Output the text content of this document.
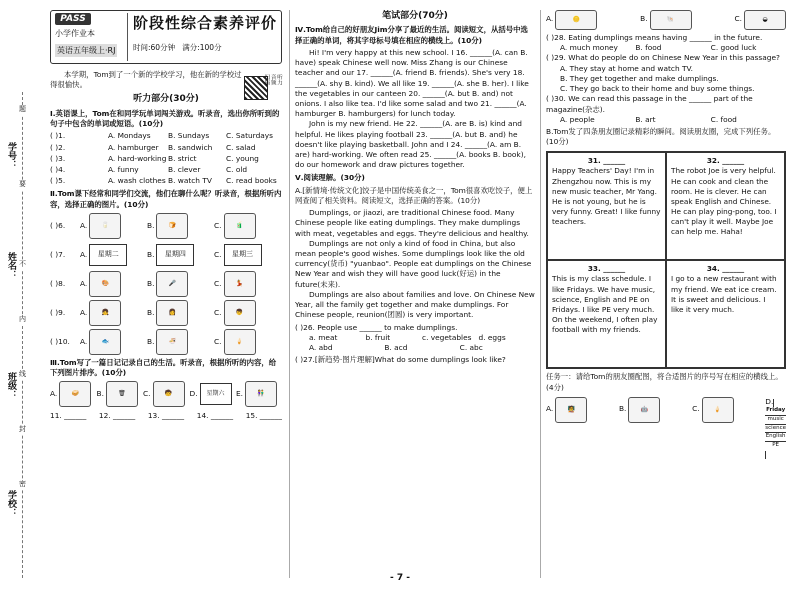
学号：
姓名：
班级：
学校：
题
要
不
内
线
封
密
PASS
小学作业本
英语五年级上·RJ
阶段性综合素养评价
时间:60分钟 满分:100分

本学期，Tom到了一个新的学校学习，他在新的学校过得很愉快。	听力音频扫码
听力部分(30分)

Ⅰ.英语课上，Tom在和同学玩单词闯关游戏。听录音，选出你所听到的句子中包含的单词或短语。(10分)

( )1.	A. Mondays	B. Sundays	C. Saturdays
( )2.	A. hamburger	B. sandwich	C. salad
( )3.	A. hard-working B. strict	C. young
( )4.	A. funny	B. clever	C. old
( )5.	A. wash clothes B. watch TV	C. read books

Ⅱ.Tom课下经常和同学们交流，他们在聊什么呢？听录音，根据所听内容，选择正确的图片。(10分)

( )6.	A.	🥛	B.	🍞	C.	🧃
( )7.	A.	星期二	B.	星期四	C.	星期三
( )8.	A.	🎨	B.	🎤	C.	💃
( )9.	A.	👧	B.	👩	C.	👦
( )10.	A.	🐟	B.	🍜	C.	🍦

Ⅲ.Tom写了一篇日记记录自己的生活。听录音，根据所听的内容，给下列图片排序。(10分)

A.	🥪	B.	🗑	C.	🧒	D.	星期六	E.	👫
11. ______ 12. ______ 13. ______ 14. ______ 15. ______
笔试部分(70分)

Ⅳ.Tom给自己的好朋友Jim分享了最近的生活。阅读短文，从括号中选择正确的单词，将其字母标号填在相应的横线上。(10分)

Hi! I'm very happy at this new school. I 16. ______(A. can B. have) speak Chinese well now. Miss Zhang is our Chinese teacher and our 17. ______(A. friend B. friends). She's very 18. ______(A. shy B. kind). We all like 19. ______(A. she B. her). I like the vegetables in our canteen 20. ______(A. but B. and) not onions. I also like tea. I'd like some salad and two 21. ______(A. hamburger B. hamburgers) for lunch today.

John is my new friend. He 22. ______(A. are B. is) kind and helpful. He likes playing football 23. ______(A. but B. and) he doesn't like playing basketball. John and I 24. ______(A. am B. are) hard-working. We often read 25. ______(A. books B. book), do our homework and draw pictures together.

Ⅴ.阅读理解。(30分)

A.[新情境·传统文化]饺子是中国传统美食之一，Tom很喜欢吃饺子，便上网查阅了相关资料。阅读短文，选择正确的答案。(10分)

Dumplings, or jiaozi, are traditional Chinese food. Many Chinese people like eating dumplings. They make dumplings with meat, vegetables and eggs. They're delicious and healthy.

Dumplings are not only a kind of food in China, but also mean people's good wishes. Some dumplings look like the old currency(货币) "yuanbao". People eat dumplings on the Chinese New Year and wish they will have good luck(好运) in the future(未来).

Dumplings are also about families and love. On Chinese New Year, all the family get together and make dumplings. For Chinese people, reunion(团圆) is very important.

( )26. People use ______ to make dumplings.

a. meat	b. fruit	c. vegetables d. eggs
A. abd	B. acd	C. abc

( )27.[新趋势·图片理解]What do some dumplings look like?

A.	🪙	B.	🐚	C.	◒

( )28. Eating dumplings means having ______ in the future.

A. much money	B. food	C. good luck

( )29. What do people do on Chinese New Year in this passage?

A. They stay at home and watch TV.

B. They get together and make dumplings.

C. They go back to their home and buy some things.

( )30. We can read this passage in the ______ part of the magazine(杂志).

A. people	B. art	C. food

B.Tom发了四条朋友圈记录精彩的瞬间。阅读朋友圈，完成下列任务。(10分)

31. ______
Happy Teachers' Day! I'm in Zhengzhou now. This is my new music teacher, Mr Yang. He is not young, but he is very funny. Great! I like funny teachers.
32. ______
The robot Joe is very helpful. He can cook and clean the room. He is clever. He can speak English and Chinese. He can play ping-pong, too. I can't play it well. Maybe Joe can help me. Haha!
33. ______
This is my class schedule. I like Fridays. We have music, science, English and PE on Fridays. I like PE very much. On the weekend, I often play football with my friends.
34. ______
I go to a new restaurant with my friend. We eat ice cream. It is sweet and delicious. I like it very much.

任务一：请给Tom的朋友圈配图，将合适图片的序号写在相应的横线上。(4分)

A. 🧑‍🏫	B. 🤖	C. 🍦
D.
Friday
music
science
English
PE
- 7 -
